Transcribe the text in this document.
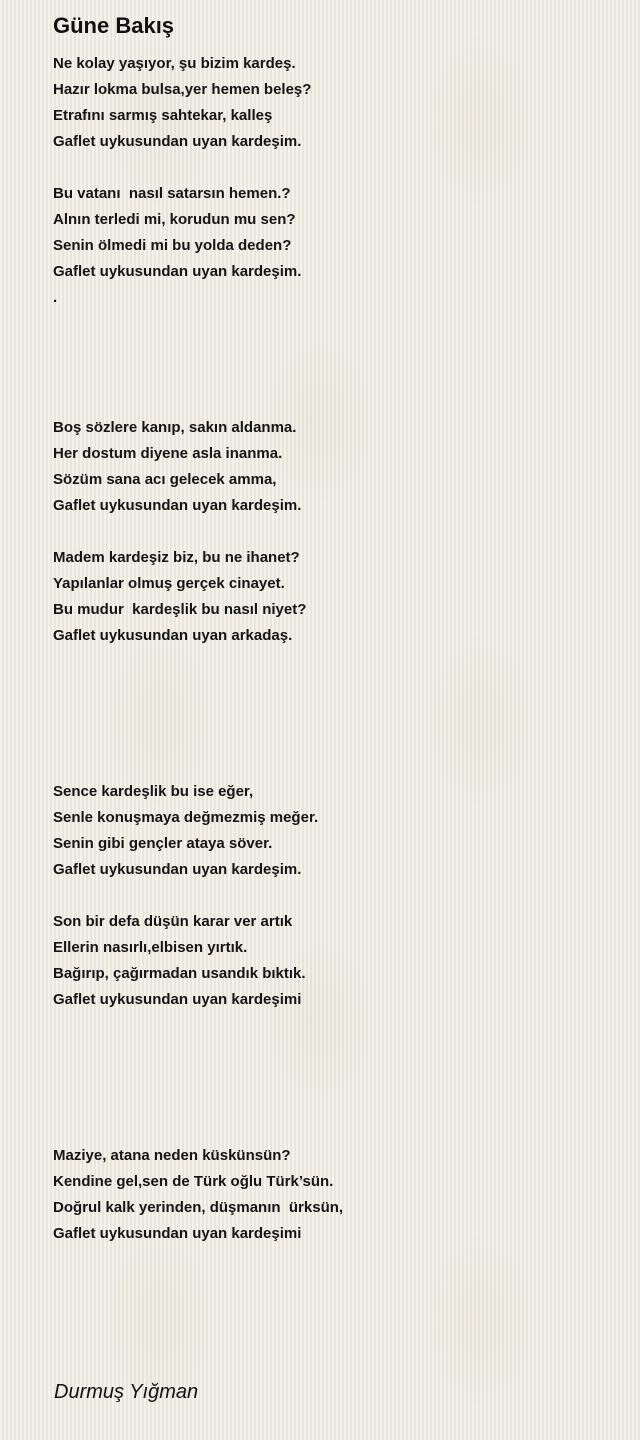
Güne Bakış
Ne kolay yaşıyor, şu bizim kardeş.
Hazır lokma bulsa,yer hemen beleş?
Etrafını sarmış sahtekar, kalleş
Gaflet uykusundan uyan kardeşim.
Bu vatanı  nasıl satarsın hemen.?
Alnın terledi mi, korudun mu sen?
Senin ölmedi mi bu yolda deden?
Gaflet uykusundan uyan kardeşim.
.
Boş sözlere kanıp, sakın aldanma.
Her dostum diyene asla inanma.
Sözüm sana acı gelecek amma,
Gaflet uykusundan uyan kardeşim.
Madem kardeşiz biz, bu ne ihanet?
Yapılanlar olmuş gerçek cinayet.
Bu mudur  kardeşlik bu nasıl niyet?
Gaflet uykusundan uyan arkadaş.
Sence kardeşlik bu ise eğer,
Senle konuşmaya değmezmiş meğer.
Senin gibi gençler ataya söver.
Gaflet uykusundan uyan kardeşim.
Son bir defa düşün karar ver artık
Ellerin nasırlı,elbisen yırtık.
Bağırıp, çağırmadan usandık bıktık.
Gaflet uykusundan uyan kardeşimi
Maziye, atana neden küskünsün?
Kendine gel,sen de Türk oğlu Türk’sün.
Doğrul kalk yerinden, düşmanın  ürksün,
Gaflet uykusundan uyan kardeşimi
Durmuş Yığman
